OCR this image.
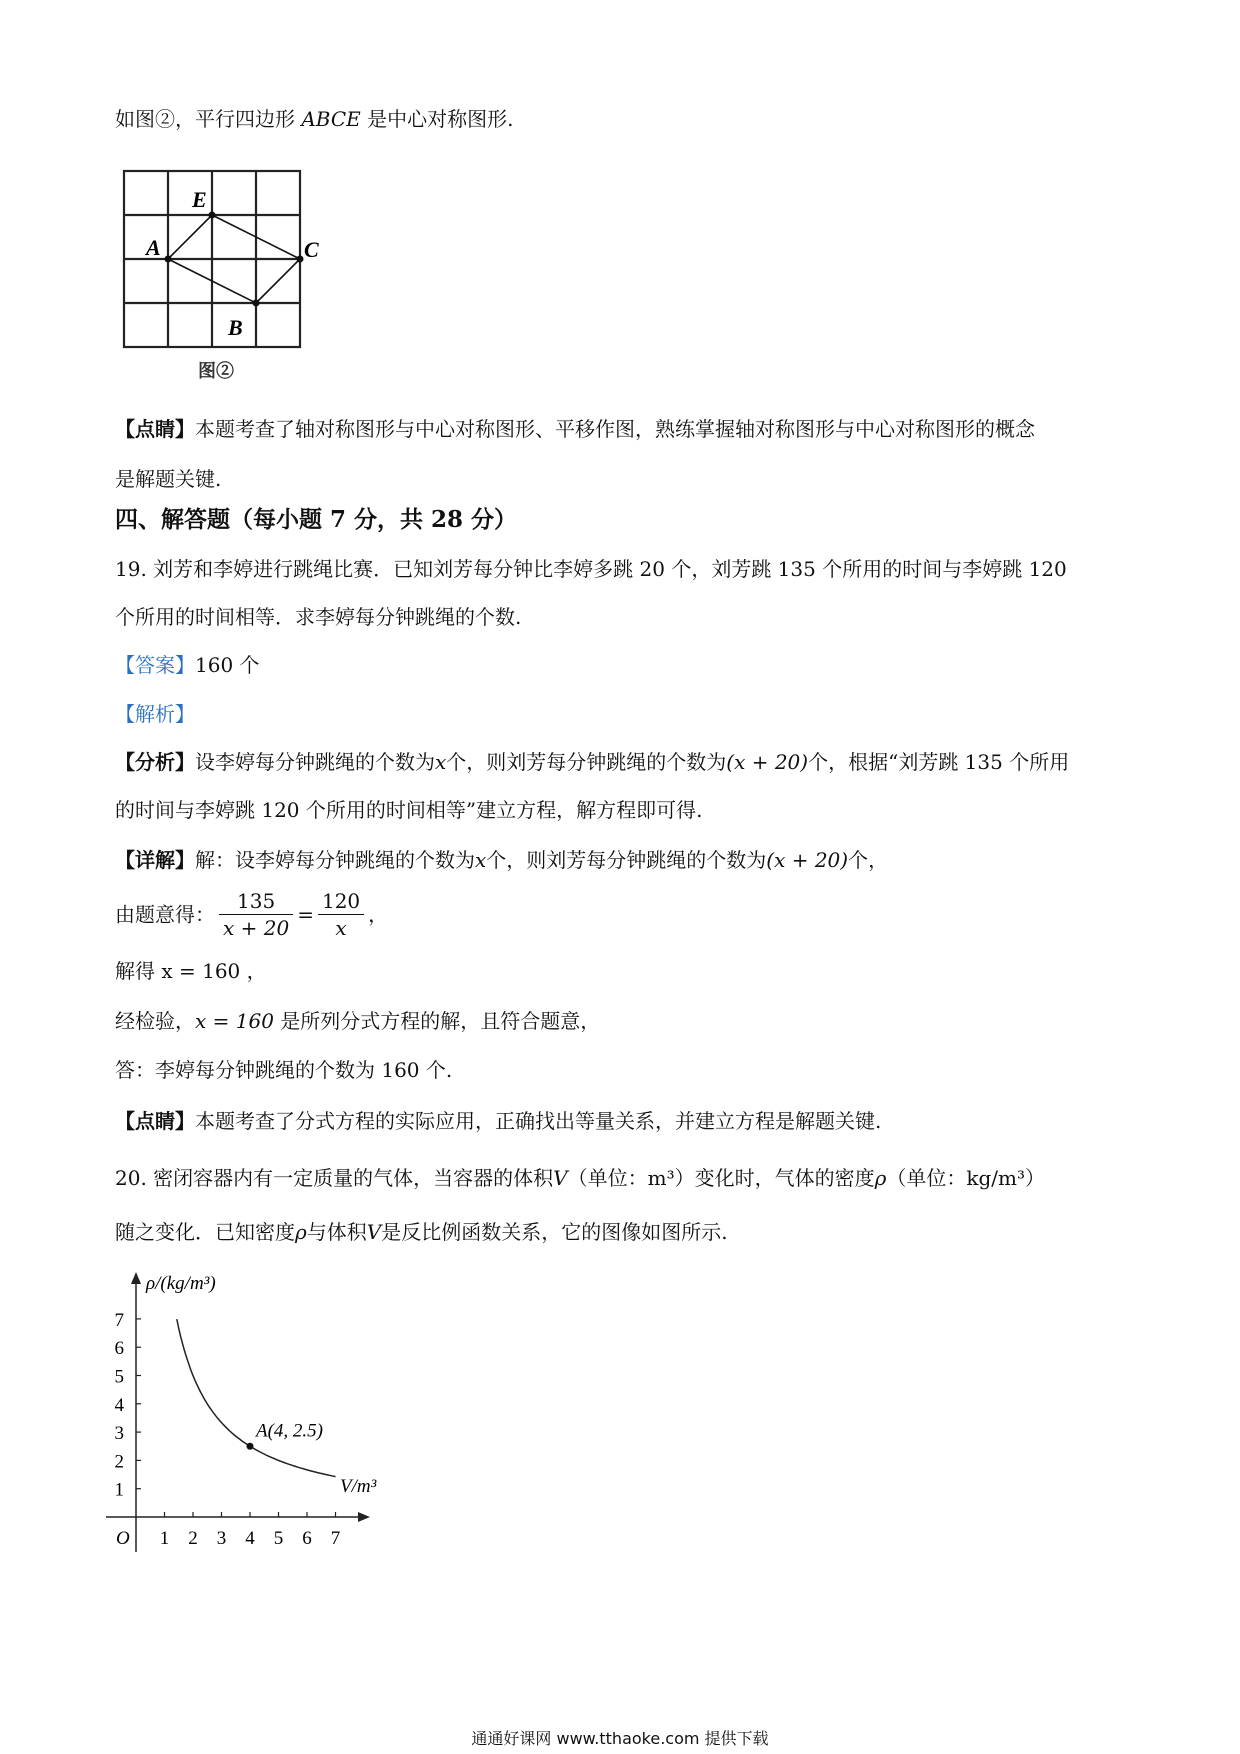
如图②，平行四边形 ABCE 是中心对称图形.
E
A	C
B
图②
【点睛】本题考查了轴对称图形与中心对称图形、平移作图，熟练掌握轴对称图形与中心对称图形的概念
是解题关键.
四、解答题（每小题 7 分，共 28 分）
19. 刘芳和李婷进行跳绳比赛．已知刘芳每分钟比李婷多跳 20 个，刘芳跳 135 个所用的时间与李婷跳 120
个所用的时间相等．求李婷每分钟跳绳的个数.
【答案】160 个
【解析】
【分析】设李婷每分钟跳绳的个数为x个，则刘芳每分钟跳绳的个数为(x + 20)个，根据“刘芳跳 135 个所用
的时间与李婷跳 120 个所用的时间相等”建立方程，解方程即可得.
【详解】解：设李婷每分钟跳绳的个数为x个，则刘芳每分钟跳绳的个数为(x + 20)个，
由题意得： $\frac{135}{x + 20} = \frac{120}{x}$ ，
解得 x = 160 ，
经检验，x = 160 是所列分式方程的解，且符合题意，
答：李婷每分钟跳绳的个数为 160 个.
【点睛】本题考查了分式方程的实际应用，正确找出等量关系，并建立方程是解题关键.
20. 密闭容器内有一定质量的气体，当容器的体积V（单位：m³）变化时，气体的密度ρ（单位：kg/m³）
随之变化．已知密度ρ与体积V是反比例函数关系，它的图像如图所示.
1 2 3 4 5 6 7
1
2
3
4
5
6
7
A(4, 2.5)
ρ/(kg/m³)
V/m³
O
通通好课网 www.tthaoke.com 提供下载
